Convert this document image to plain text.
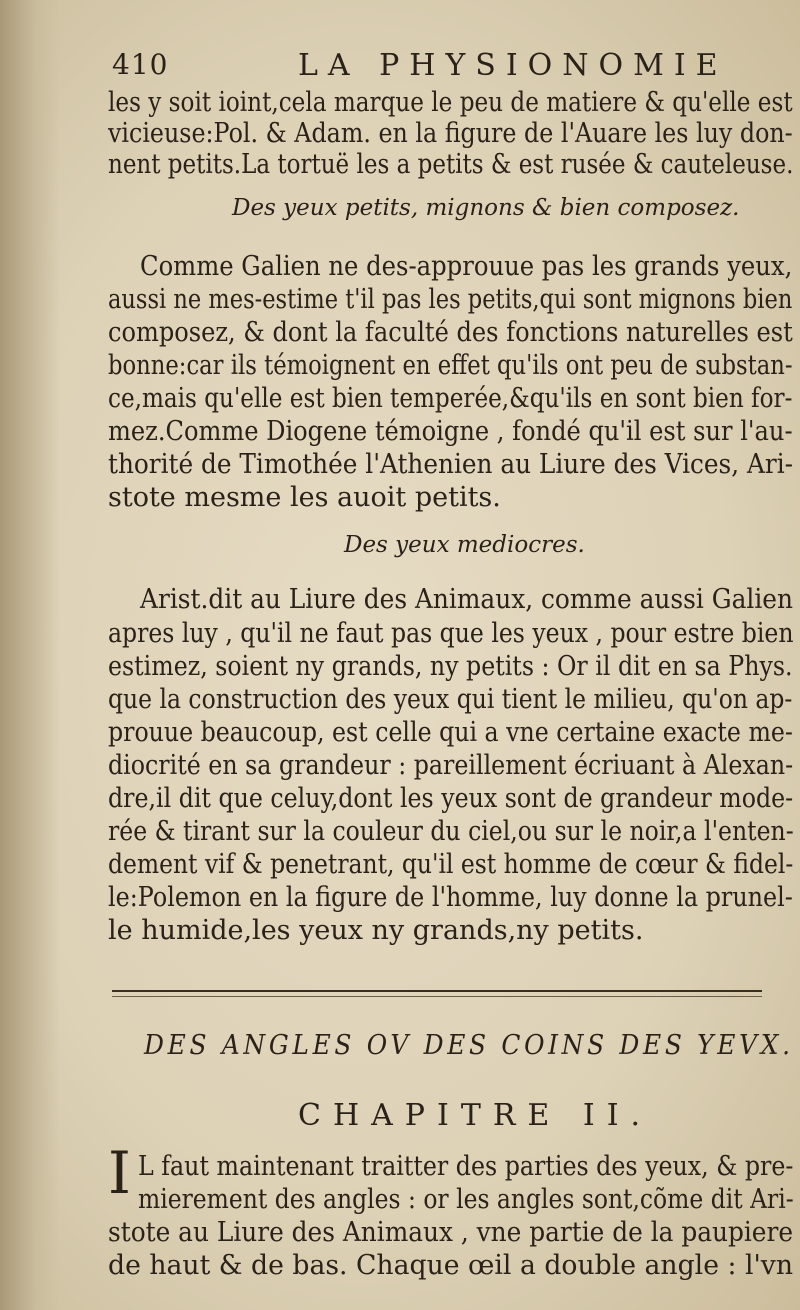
410	LA PHYSIONOMIE
les y soit ioint,cela marque le peu de matiere & qu'elle est
vicieuse:Pol. & Adam. en la figure de l'Auare les luy don-
nent petits.La tortuë les a petits & est rusée & cauteleuse.
Des yeux petits, mignons & bien composez.
Comme Galien ne des-approuue pas les grands yeux,
aussi ne mes-estime t'il pas les petits,qui sont mignons bien
composez, & dont la faculté des fonctions naturelles est
bonne:car ils témoignent en effet qu'ils ont peu de substan-
ce,mais qu'elle est bien temperée,&qu'ils en sont bien for-
mez.Comme Diogene témoigne , fondé qu'il est sur l'au-
thorité de Timothée l'Athenien au Liure des Vices, Ari-
stote mesme les auoit petits.
Des yeux mediocres.
Arist.dit au Liure des Animaux, comme aussi Galien
apres luy , qu'il ne faut pas que les yeux , pour estre bien
estimez, soient ny grands, ny petits : Or il dit en sa Phys.
que la construction des yeux qui tient le milieu, qu'on ap-
prouue beaucoup, est celle qui a vne certaine exacte me-
diocrité en sa grandeur : pareillement écriuant à Alexan-
dre,il dit que celuy,dont les yeux sont de grandeur mode-
rée & tirant sur la couleur du ciel,ou sur le noir,a l'enten-
dement vif & penetrant, qu'il est homme de cœur & fidel-
le:Polemon en la figure de l'homme, luy donne la prunel-
le humide,les yeux ny grands,ny petits.
DES ANGLES OV DES COINS DES YEVX.
CHAPITRE II.
I L faut maintenant traitter des parties des yeux, & pre-
mierement des angles : or les angles sont,cõme dit Ari-
stote au Liure des Animaux , vne partie de la paupiere
de haut & de bas. Chaque œil a double angle : l'vn
